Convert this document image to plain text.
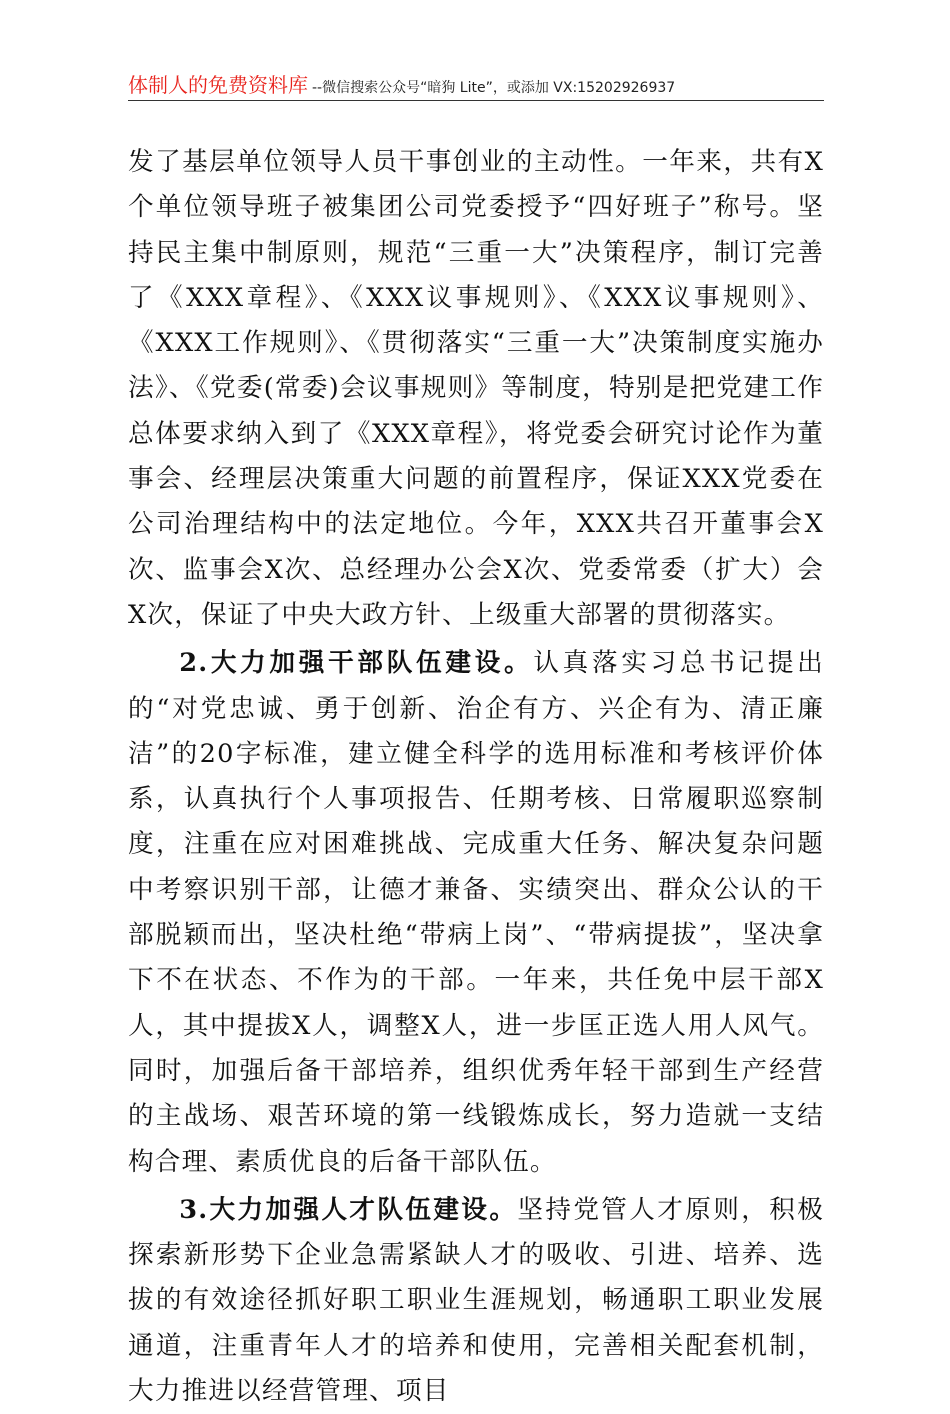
体制人的免费资料库 --微信搜索公众号“暗狗 Lite”，或添加 VX:15202926937

发了基层单位领导人员干事创业的主动性。一年来，共有X个单位领导班子被集团公司党委授予“四好班子”称号。坚持民主集中制原则，规范“三重一大”决策程序，制订完善了《XXX章程》、《XXX议事规则》、《XXX议事规则》、《XXX工作规则》、《贯彻落实“三重一大”决策制度实施办法》、《党委(常委)会议事规则》等制度，特别是把党建工作总体要求纳入到了《XXX章程》，将党委会研究讨论作为董事会、经理层决策重大问题的前置程序，保证XXX党委在公司治理结构中的法定地位。今年，XXX共召开董事会X次、监事会X次、总经理办公会X次、党委常委（扩大）会X次，保证了中央大政方针、上级重大部署的贯彻落实。

2.大力加强干部队伍建设。认真落实习总书记提出的“对党忠诚、勇于创新、治企有方、兴企有为、清正廉洁”的20字标准，建立健全科学的选用标准和考核评价体系，认真执行个人事项报告、任期考核、日常履职巡察制度，注重在应对困难挑战、完成重大任务、解决复杂问题中考察识别干部，让德才兼备、实绩突出、群众公认的干部脱颖而出，坚决杜绝“带病上岗”、“带病提拔”，坚决拿下不在状态、不作为的干部。一年来，共任免中层干部X人，其中提拔X人，调整X人，进一步匡正选人用人风气。同时，加强后备干部培养，组织优秀年轻干部到生产经营的主战场、艰苦环境的第一线锻炼成长，努力造就一支结构合理、素质优良的后备干部队伍。

3.大力加强人才队伍建设。坚持党管人才原则，积极探索新形势下企业急需紧缺人才的吸收、引进、培养、选拔的有效途径抓好职工职业生涯规划，畅通职工职业发展通道，注重青年人才的培养和使用，完善相关配套机制，大力推进以经营管理、项目
